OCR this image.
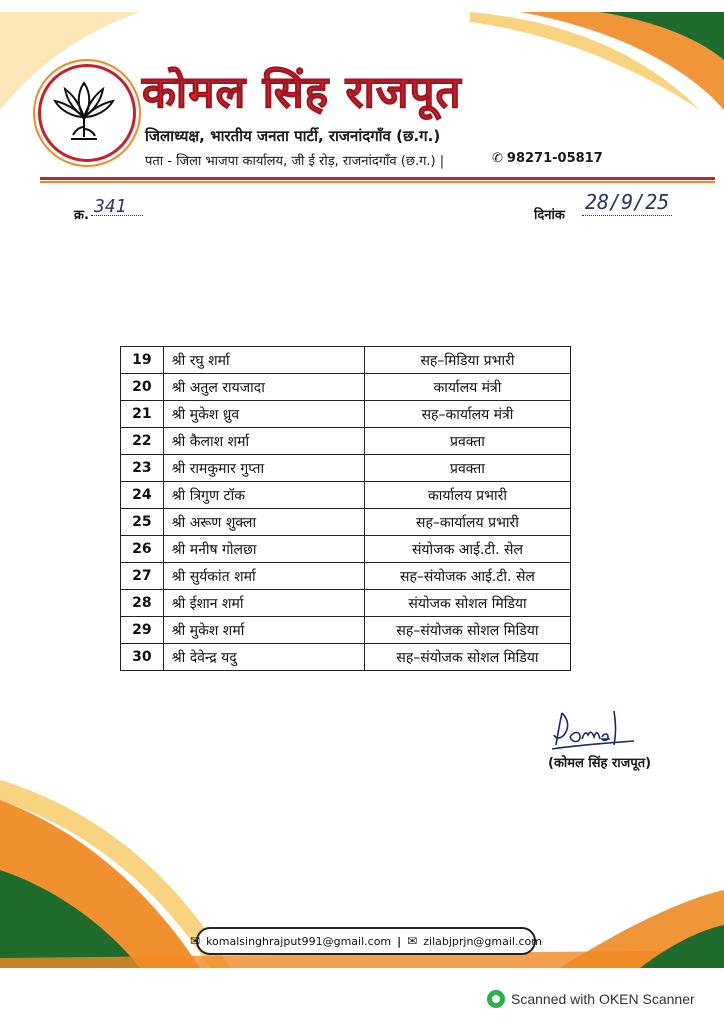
कोमल सिंह राजपूत
जिलाध्यक्ष, भारतीय जनता पार्टी, राजनांदगाँव (छ.ग.)
पता - जिला भाजपा कार्यालय, जी ई रोड़, राजनांदगाँव (छ.ग.) |	✆ 98271-05817
क्र. 341	दिनांक
28/9/25
19	श्री रघु शर्मा	सह–मिडिया प्रभारी
20	श्री अतुल रायजादा	कार्यालय मंत्री
21	श्री मुकेश ध्रुव	सह–कार्यालय मंत्री
22	श्री कैलाश शर्मा	प्रवक्ता
23	श्री रामकुमार गुप्ता	प्रवक्ता
24	श्री त्रिगुण टॉक	कार्यालय प्रभारी
25	श्री अरूण शुक्ला	सह–कार्यालय प्रभारी
26	श्री मनीष गोलछा	संयोजक आई.टी. सेल
27	श्री सुर्यकांत शर्मा	सह–संयोजक आई.टी. सेल
28	श्री ईशान शर्मा	संयोजक सोशल मिडिया
29	श्री मुकेश शर्मा	सह–संयोजक सोशल मिडिया
30	श्री देवेन्द्र यदु	सह–संयोजक सोशल मिडिया
(कोमल सिंह राजपूत)
✉ komalsinghrajput991@gmail.com | ✉ zilabjprjn@gmail.com
Scanned with OKEN Scanner
